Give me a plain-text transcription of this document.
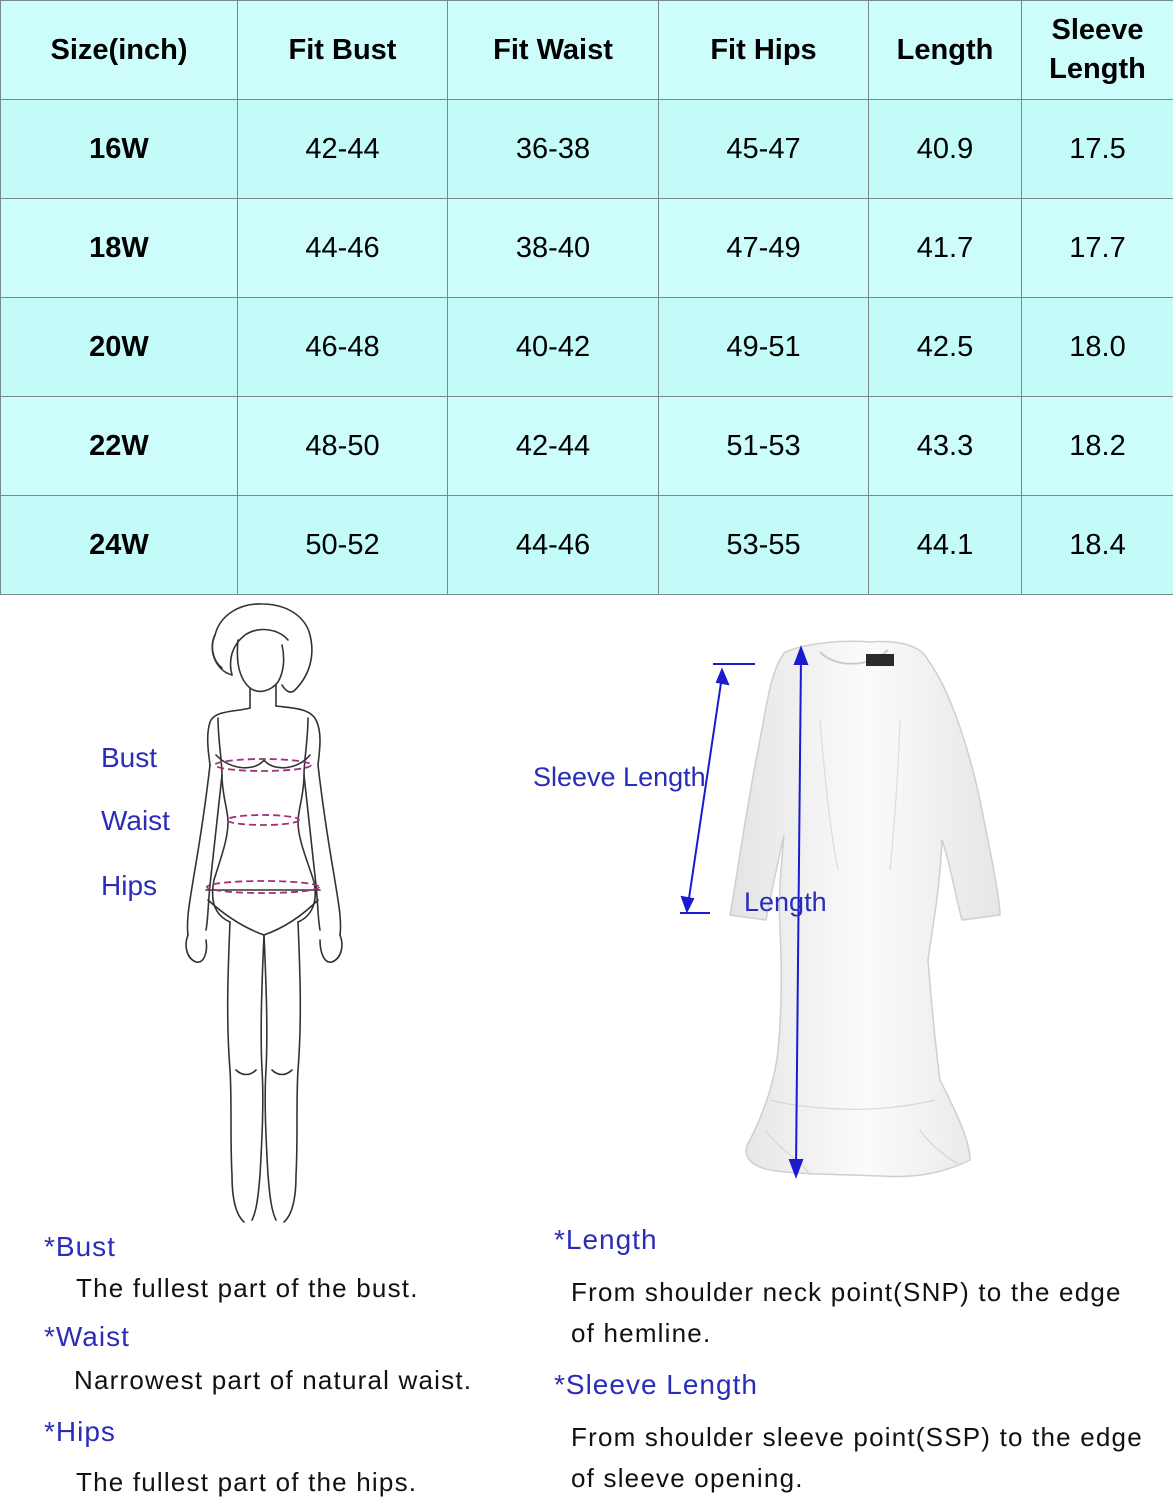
Size(inch)	Fit Bust	Fit Waist	Fit Hips	Length	Sleeve Length
16W	42-44	36-38	45-47	40.9	17.5
18W	44-46	38-40	47-49	41.7	17.7
20W	46-48	40-42	49-51	42.5	18.0
22W	48-50	42-44	51-53	43.3	18.2
24W	50-52	44-46	53-55	44.1	18.4
Bust
Waist
Hips
Sleeve Length
Length
*Bust
The fullest part of the bust.
*Waist
Narrowest part of natural waist.
*Hips
The fullest part of the hips.
*Length
From shoulder neck point(SNP) to the edge of hemline.
*Sleeve Length
From shoulder sleeve point(SSP) to the edge of sleeve opening.
